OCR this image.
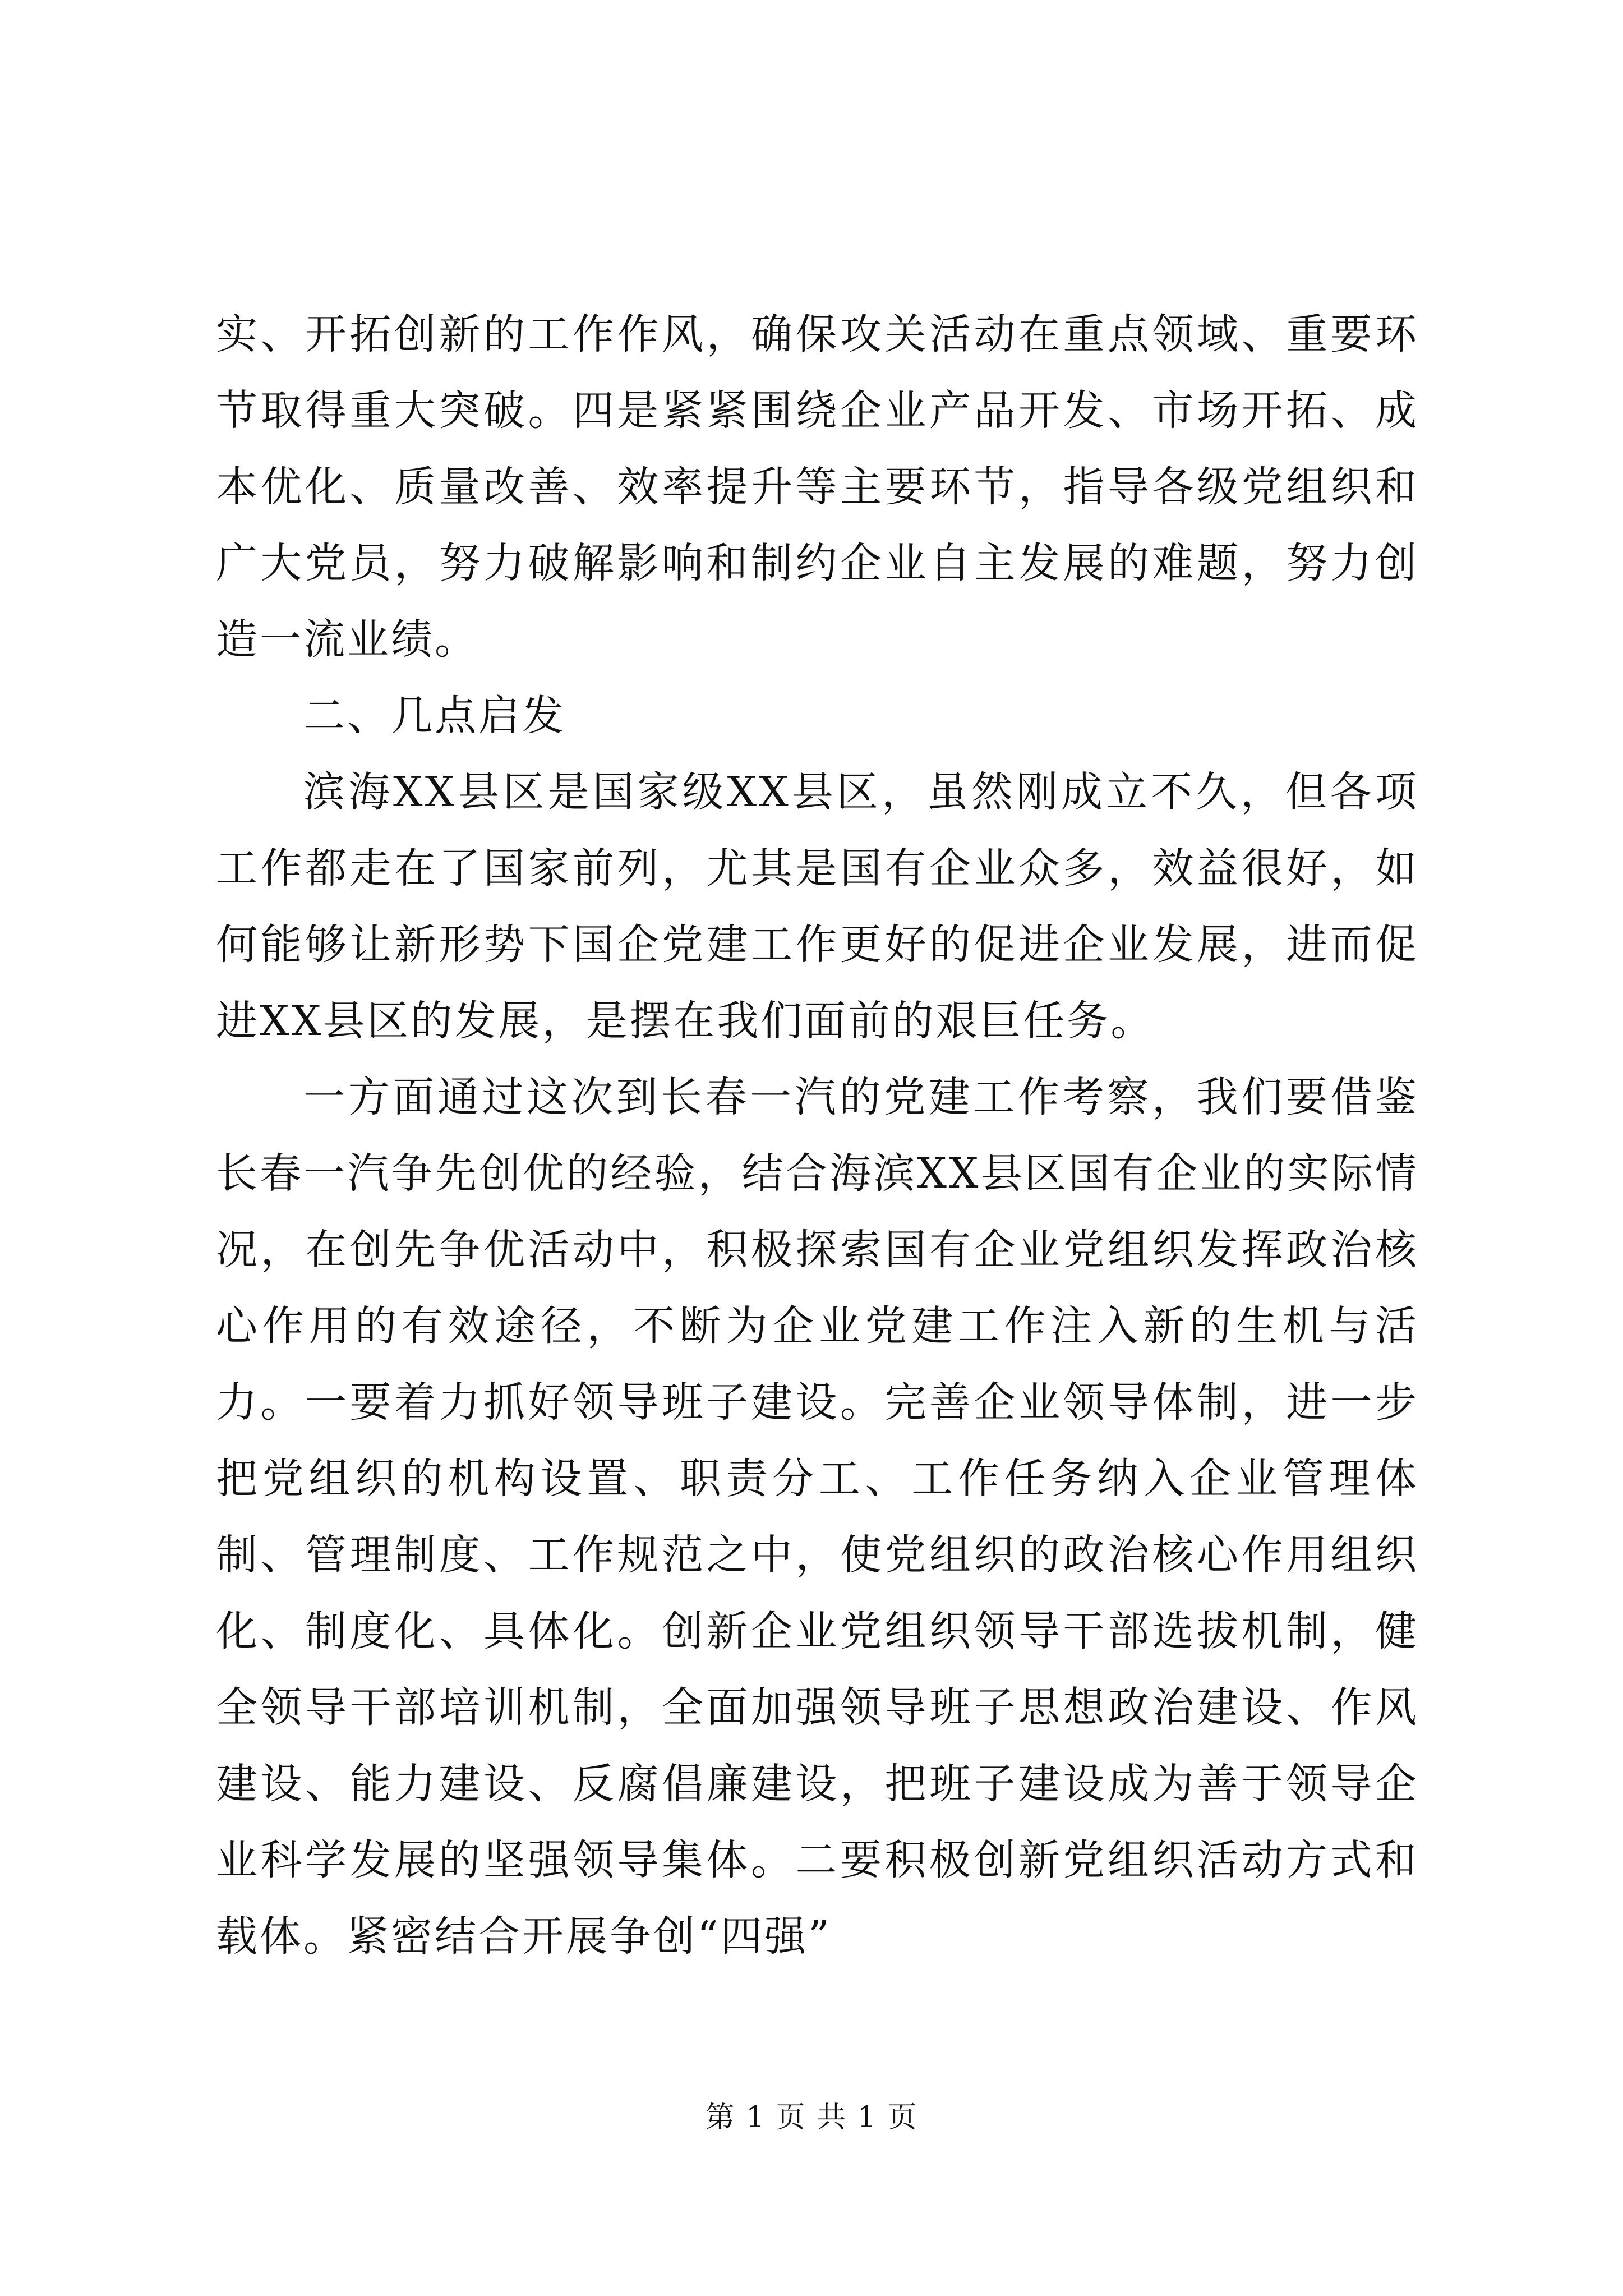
实、开拓创新的工作作风，确保攻关活动在重点领域、重要环节取得重大突破。四是紧紧围绕企业产品开发、市场开拓、成本优化、质量改善、效率提升等主要环节，指导各级党组织和广大党员，努力破解影响和制约企业自主发展的难题，努力创造一流业绩。

二、几点启发

滨海XX县区是国家级XX县区，虽然刚成立不久，但各项工作都走在了国家前列，尤其是国有企业众多，效益很好，如何能够让新形势下国企党建工作更好的促进企业发展，进而促进XX县区的发展，是摆在我们面前的艰巨任务。

一方面通过这次到长春一汽的党建工作考察，我们要借鉴长春一汽争先创优的经验，结合海滨XX县区国有企业的实际情况，在创先争优活动中，积极探索国有企业党组织发挥政治核心作用的有效途径，不断为企业党建工作注入新的生机与活力。一要着力抓好领导班子建设。完善企业领导体制，进一步把党组织的机构设置、职责分工、工作任务纳入企业管理体制、管理制度、工作规范之中，使党组织的政治核心作用组织化、制度化、具体化。创新企业党组织领导干部选拔机制，健全领导干部培训机制，全面加强领导班子思想政治建设、作风建设、能力建设、反腐倡廉建设，把班子建设成为善于领导企业科学发展的坚强领导集体。二要积极创新党组织活动方式和载体。紧密结合开展争创“四强”

第 1 页 共 1 页
